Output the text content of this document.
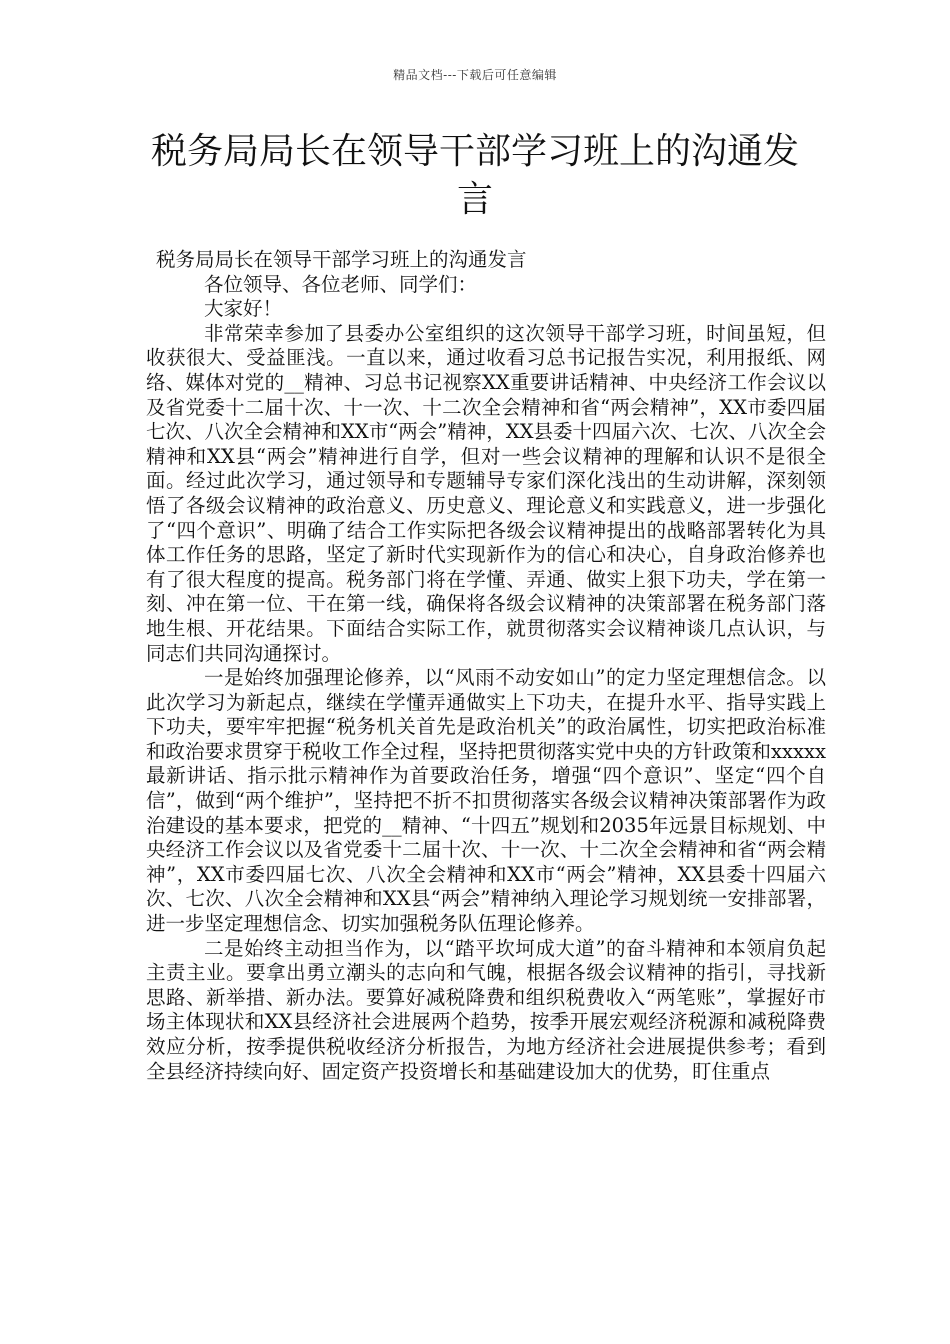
精品文档---下载后可任意编辑
税务局局长在领导干部学习班上的沟通发言

税务局局长在领导干部学习班上的沟通发言

各位领导、各位老师、同学们：

大家好！

非常荣幸参加了县委办公室组织的这次领导干部学习班，时间虽短，但收获很大、受益匪浅。一直以来，通过收看习总书记报告实况，利用报纸、网络、媒体对党的__精神、习总书记视察XX重要讲话精神、中央经济工作会议以及省党委十二届十次、十一次、十二次全会精神和省“两会精神”，XX市委四届七次、八次全会精神和XX市“两会”精神，XX县委十四届六次、七次、八次全会精神和XX县“两会”精神进行自学，但对一些会议精神的理解和认识不是很全面。经过此次学习，通过领导和专题辅导专家们深化浅出的生动讲解，深刻领悟了各级会议精神的政治意义、历史意义、理论意义和实践意义，进一步强化了“四个意识”、明确了结合工作实际把各级会议精神提出的战略部署转化为具体工作任务的思路，坚定了新时代实现新作为的信心和决心，自身政治修养也有了很大程度的提高。税务部门将在学懂、弄通、做实上狠下功夫，学在第一刻、冲在第一位、干在第一线，确保将各级会议精神的决策部署在税务部门落地生根、开花结果。下面结合实际工作，就贯彻落实会议精神谈几点认识，与同志们共同沟通探讨。

一是始终加强理论修养，以“风雨不动安如山”的定力坚定理想信念。以此次学习为新起点，继续在学懂弄通做实上下功夫，在提升水平、指导实践上下功夫，要牢牢把握“税务机关首先是政治机关”的政治属性，切实把政治标准和政治要求贯穿于税收工作全过程，坚持把贯彻落实党中央的方针政策和xxxxx最新讲话、指示批示精神作为首要政治任务，增强“四个意识”、坚定“四个自信”，做到“两个维护”，坚持把不折不扣贯彻落实各级会议精神决策部署作为政治建设的基本要求，把党的__精神、“十四五”规划和2035年远景目标规划、中央经济工作会议以及省党委十二届十次、十一次、十二次全会精神和省“两会精神”，XX市委四届七次、八次全会精神和XX市“两会”精神，XX县委十四届六次、七次、八次全会精神和XX县“两会”精神纳入理论学习规划统一安排部署，进一步坚定理想信念、切实加强税务队伍理论修养。

二是始终主动担当作为，以“踏平坎坷成大道”的奋斗精神和本领肩负起主责主业。要拿出勇立潮头的志向和气魄，根据各级会议精神的指引，寻找新思路、新举措、新办法。要算好减税降费和组织税费收入“两笔账”，掌握好市场主体现状和XX县经济社会进展两个趋势，按季开展宏观经济税源和减税降费效应分析，按季提供税收经济分析报告，为地方经济社会进展提供参考；看到全县经济持续向好、固定资产投资增长和基础建设加大的优势，盯住重点
